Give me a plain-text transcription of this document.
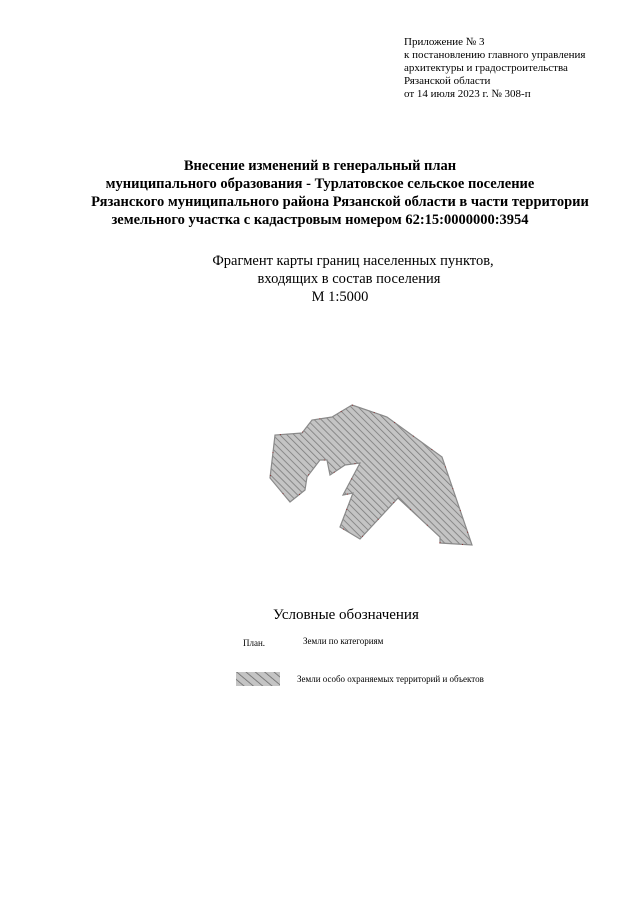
Приложение № 3
к постановлению главного управления
архитектуры и градостроительства
Рязанской области
от 14 июля 2023 г. № 308-п
Внесение изменений в генеральный план
муниципального образования - Турлатовское сельское поселение
Рязанского муниципального района Рязанской области в части территории
земельного участка с кадастровым номером 62:15:0000000:3954
Фрагмент карты границ населенных пунктов,
входящих в состав поселения
М 1:5000
Условные обозначения
План.	Земли по категориям
Земли особо охраняемых территорий и объектов
